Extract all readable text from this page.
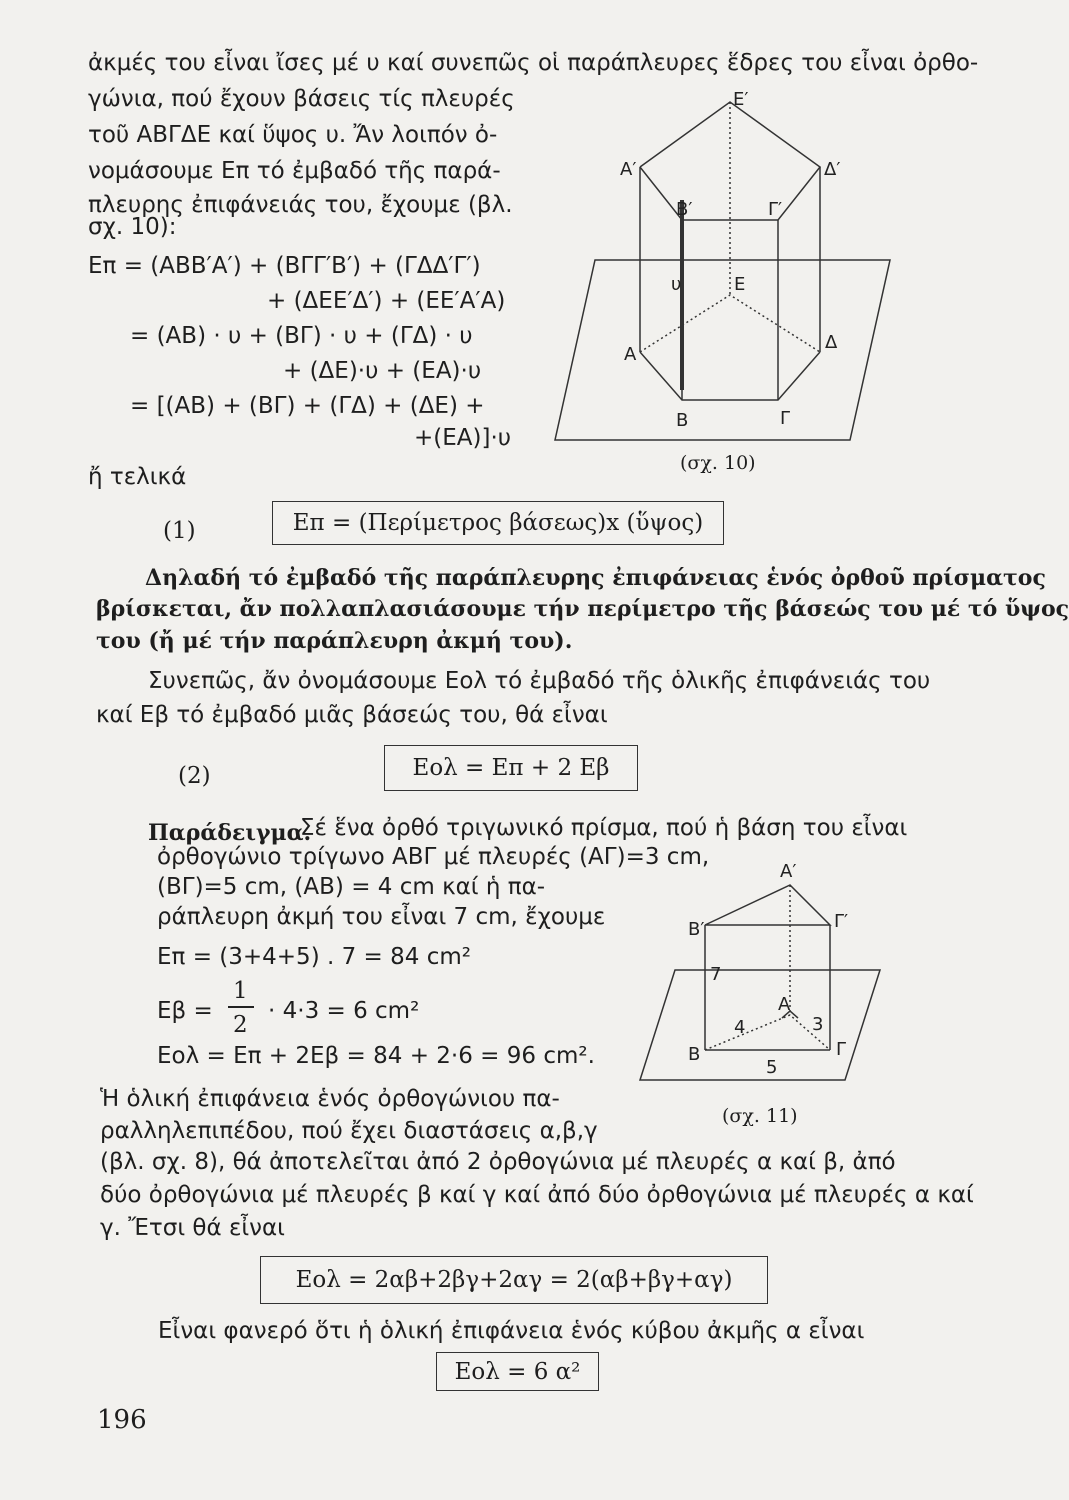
ἀκμές του εἶναι ἴσες μέ υ καί συνεπῶς οἱ παράπλευρες ἕδρες του εἶναι ὀρθο-
γώνια, πού ἔχουν βάσεις τίς πλευρές
τοῦ ΑΒΓΔΕ καί ὕψος υ. Ἄν λοιπόν ὀ-
νομάσουμε Eπ τό ἐμβαδό τῆς παρά-
πλευρης ἐπιφάνειάς του, ἔχουμε (βλ.
σχ. 10):
Eπ = (ABB′A′) + (BΓΓ′B′) + (ΓΔΔ′Γ′)
+ (ΔΕΕ′Δ′) + (ΕΕ′Α′Α)
= (AB) · υ + (BΓ) · υ + (ΓΔ) · υ
+ (ΔΕ)·υ + (ΕΑ)·υ
= [(AB) + (BΓ) + (ΓΔ) + (ΔΕ) +
+(ΕΑ)]·υ
ἤ τελικά
Ε′
Α′	Δ′
Β′	Γ′
υ	Ε
Α
Δ
Β	Γ
(σχ. 10)
(1)	Eπ = (Περίμετρος βάσεως)x (ὕψος)
Δηλαδή τό ἐμβαδό τῆς παράπλευρης ἐπιφάνειας ἑνός ὀρθοῦ πρίσματος
βρίσκεται, ἄν πολλαπλασιάσουμε τήν περίμετρο τῆς βάσεώς του μέ τό ὕψος
του (ἤ μέ τήν παράπλευρη ἀκμή του).
Συνεπῶς, ἄν ὀνομάσουμε Eολ τό ἐμβαδό τῆς ὁλικῆς ἐπιφάνειάς του
καί Eβ τό ἐμβαδό μιᾶς βάσεώς του, θά εἶναι
(2)	Eολ = Eπ + 2 Eβ
Παράδειγμα.
Σέ ἕνα ὀρθό τριγωνικό πρίσμα, πού ἡ βάση του εἶναι
ὀρθογώνιο τρίγωνο ΑΒΓ μέ πλευρές (ΑΓ)=3 cm,
(ΒΓ)=5 cm, (ΑΒ) = 4 cm καί ἡ πα-
ράπλευρη ἀκμή του εἶναι 7 cm, ἔχουμε
Eπ = (3+4+5) . 7 = 84 cm²
Eβ =
1
2
· 4·3 = 6 cm²
Eολ = Eπ + 2Eβ = 84 + 2·6 = 96 cm².
Α′
Β′	Γ′
7
Α
4	3
Β
5
Γ
(σχ. 11)
Ἡ ὁλική ἐπιφάνεια ἑνός ὀρθογώνιου πα-
ραλληλεπιπέδου, πού ἔχει διαστάσεις α,β,γ
(βλ. σχ. 8), θά ἀποτελεῖται ἀπό 2 ὀρθογώνια μέ πλευρές α καί β, ἀπό
δύο ὀρθογώνια μέ πλευρές β καί γ καί ἀπό δύο ὀρθογώνια μέ πλευρές α καί
γ. Ἔτσι θά εἶναι
Eολ = 2αβ+2βγ+2αγ = 2(αβ+βγ+αγ)
Εἶναι φανερό ὅτι ἡ ὁλική ἐπιφάνεια ἑνός κύβου ἀκμῆς α εἶναι
Eολ = 6 α²
196
